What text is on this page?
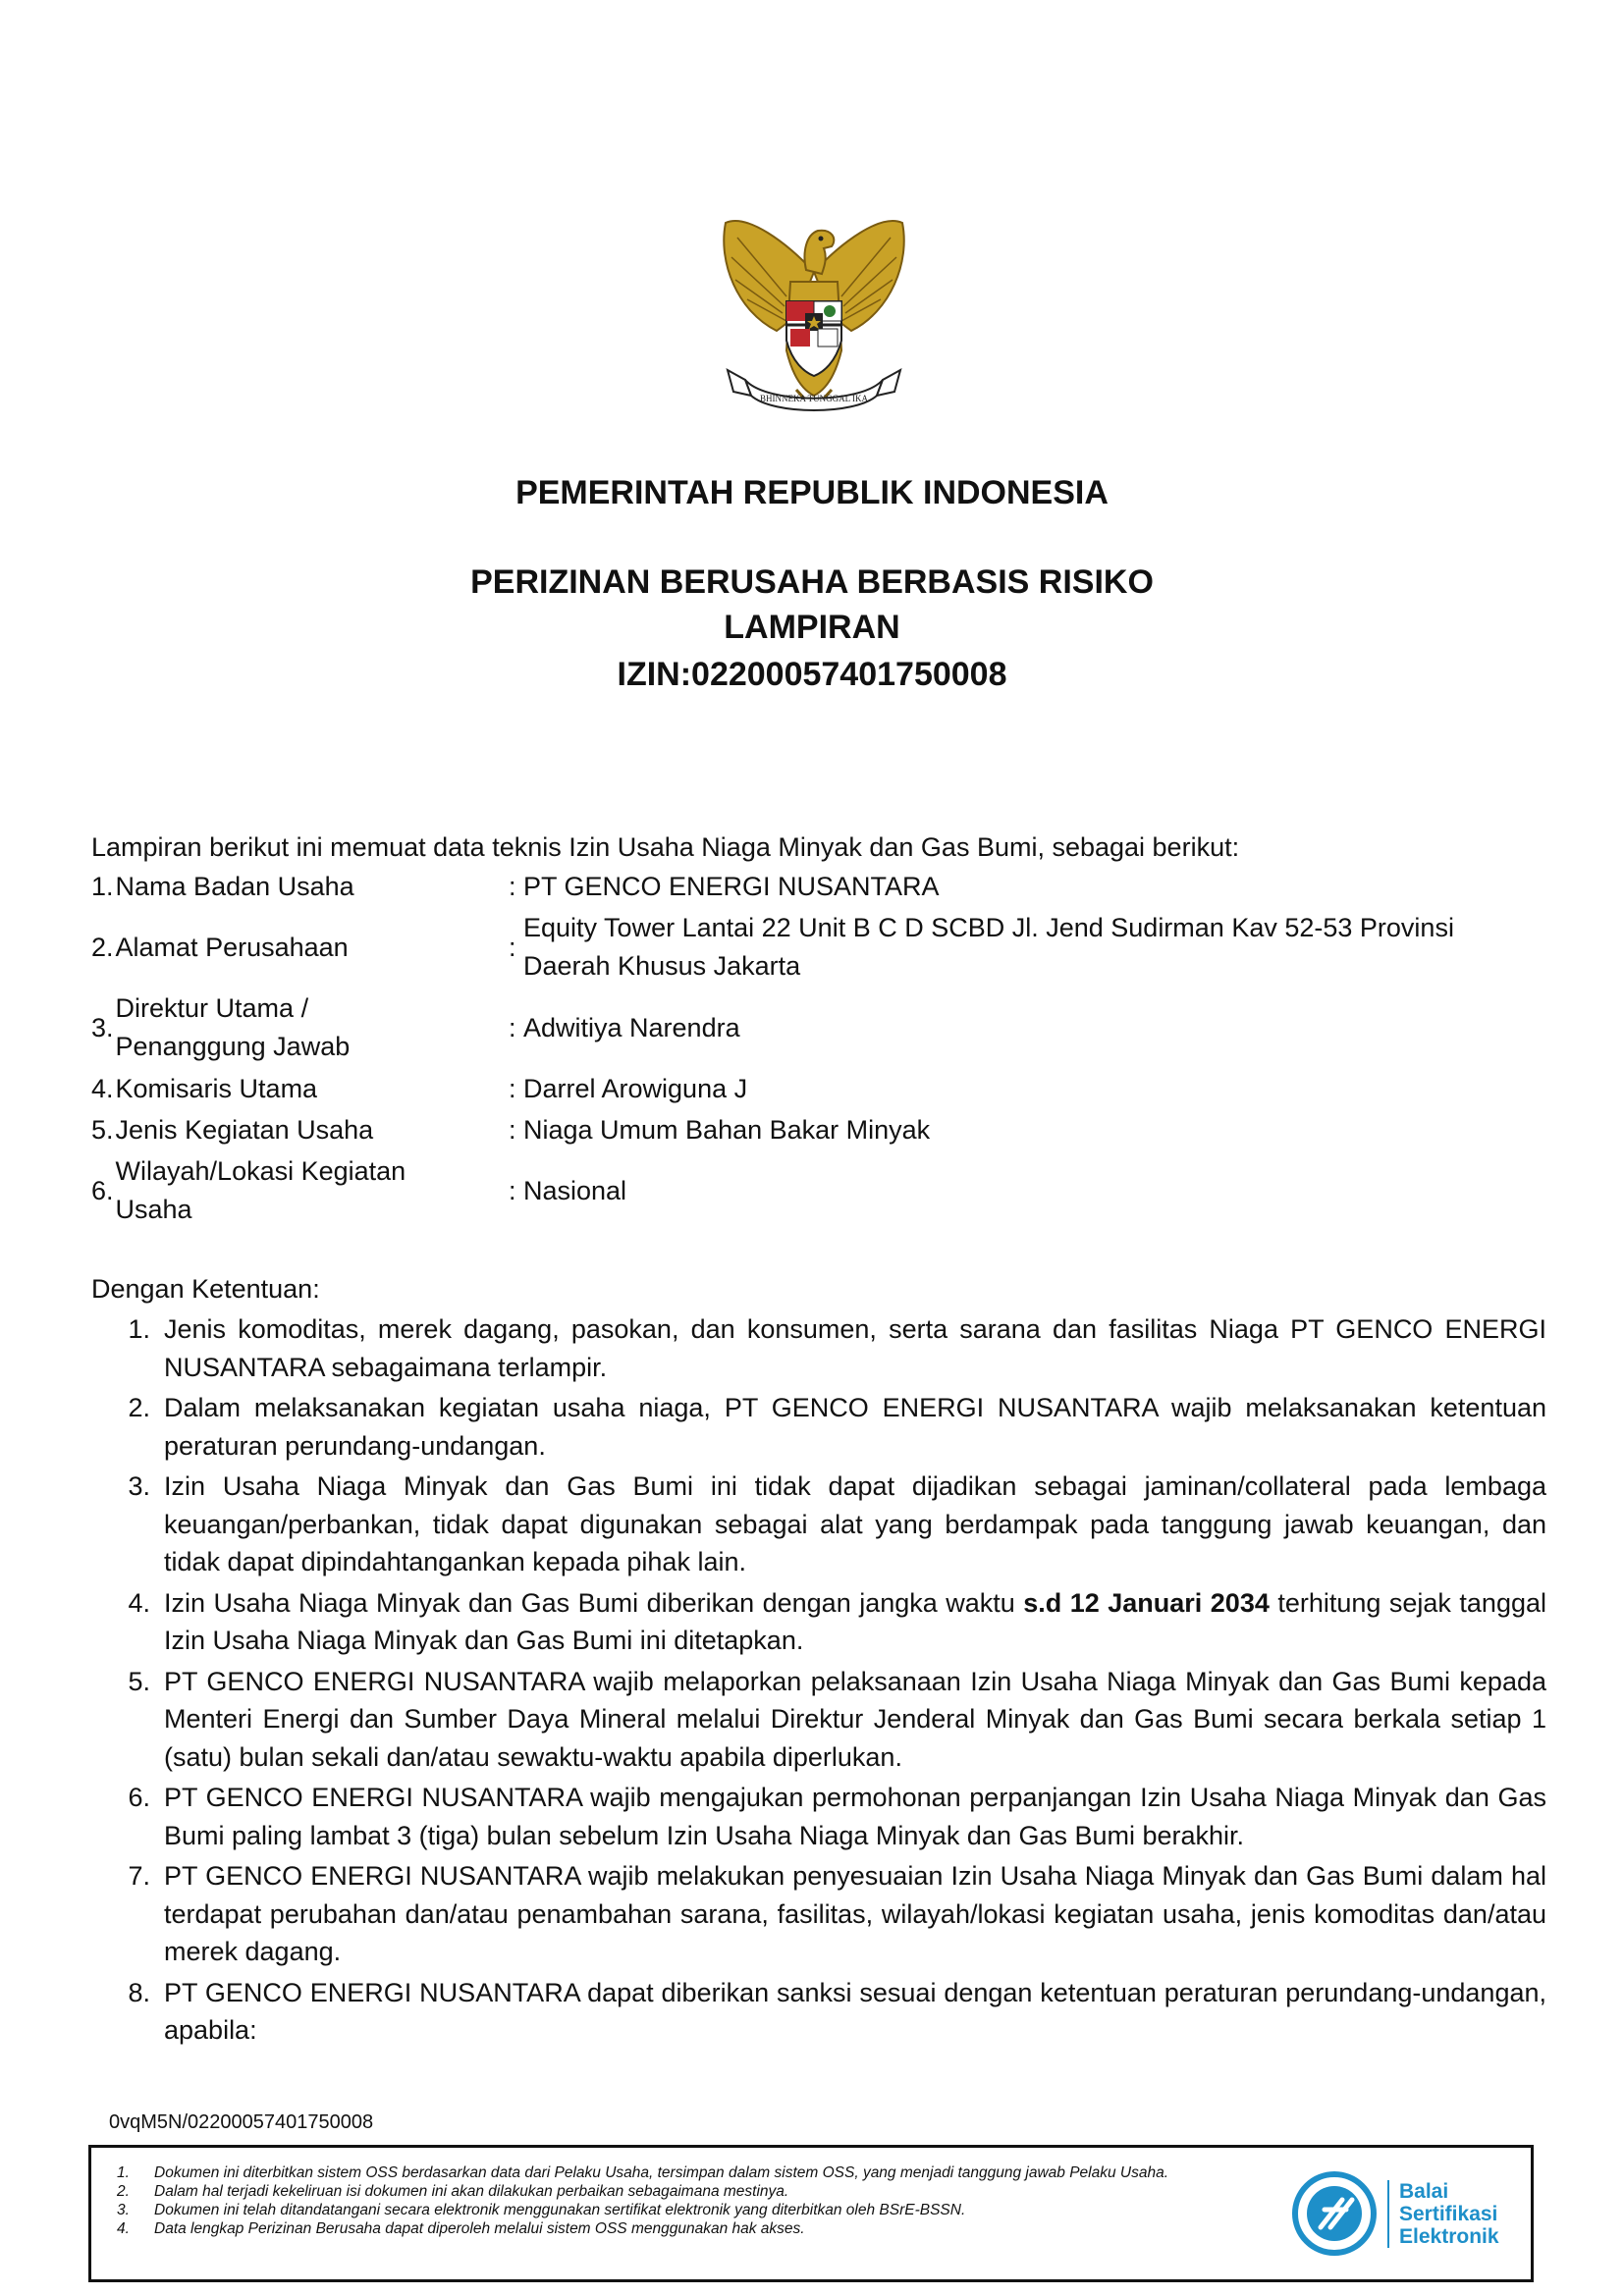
BHINNEKA TUNGGAL IKA
PEMERINTAH REPUBLIK INDONESIA
PERIZINAN BERUSAHA BERBASIS RISIKO
LAMPIRAN
IZIN:02200057401750008
Lampiran berikut ini memuat data teknis Izin Usaha Niaga Minyak dan Gas Bumi, sebagai berikut:
1.	Nama Badan Usaha	: PT GENCO ENERGI NUSANTARA

2.	Alamat Perusahaan	:
Equity Tower Lantai 22 Unit B C D SCBD Jl. Jend Sudirman Kav 52-53 Provinsi Daerah Khusus Jakarta

3.	Direktur Utama / Penanggung Jawab	: Adwitiya Narendra

4.	Komisaris Utama	: Darrel Arowiguna J

5.	Jenis Kegiatan Usaha	: Niaga Umum Bahan Bakar Minyak

6.	Wilayah/Lokasi Kegiatan Usaha	: Nasional
Dengan Ketentuan:
1. Jenis komoditas, merek dagang, pasokan, dan konsumen, serta sarana dan fasilitas Niaga PT GENCO ENERGI NUSANTARA sebagaimana terlampir.
2. Dalam melaksanakan kegiatan usaha niaga, PT GENCO ENERGI NUSANTARA wajib melaksanakan ketentuan peraturan perundang-undangan.
3. Izin Usaha Niaga Minyak dan Gas Bumi ini tidak dapat dijadikan sebagai jaminan/collateral pada lembaga keuangan/perbankan, tidak dapat digunakan sebagai alat yang berdampak pada tanggung jawab keuangan, dan tidak dapat dipindahtangankan kepada pihak lain.
4. Izin Usaha Niaga Minyak dan Gas Bumi diberikan dengan jangka waktu s.d 12 Januari 2034 terhitung sejak tanggal Izin Usaha Niaga Minyak dan Gas Bumi ini ditetapkan.
5. PT GENCO ENERGI NUSANTARA wajib melaporkan pelaksanaan Izin Usaha Niaga Minyak dan Gas Bumi kepada Menteri Energi dan Sumber Daya Mineral melalui Direktur Jenderal Minyak dan Gas Bumi secara berkala setiap 1 (satu) bulan sekali dan/atau sewaktu-waktu apabila diperlukan.
6. PT GENCO ENERGI NUSANTARA wajib mengajukan permohonan perpanjangan Izin Usaha Niaga Minyak dan Gas Bumi paling lambat 3 (tiga) bulan sebelum Izin Usaha Niaga Minyak dan Gas Bumi berakhir.
7. PT GENCO ENERGI NUSANTARA wajib melakukan penyesuaian Izin Usaha Niaga Minyak dan Gas Bumi dalam hal terdapat perubahan dan/atau penambahan sarana, fasilitas, wilayah/lokasi kegiatan usaha, jenis komoditas dan/atau merek dagang.
8. PT GENCO ENERGI NUSANTARA dapat diberikan sanksi sesuai dengan ketentuan peraturan perundang-undangan, apabila:
0vqM5N/02200057401750008
1.	Dokumen ini diterbitkan sistem OSS berdasarkan data dari Pelaku Usaha, tersimpan dalam sistem OSS, yang menjadi tanggung jawab Pelaku Usaha.
2.	Dalam hal terjadi kekeliruan isi dokumen ini akan dilakukan perbaikan sebagaimana mestinya.
3.	Dokumen ini telah ditandatangani secara elektronik menggunakan sertifikat elektronik yang diterbitkan oleh BSrE-BSSN.
4.	Data lengkap Perizinan Berusaha dapat diperoleh melalui sistem OSS menggunakan hak akses.
Balai
Sertifikasi
Elektronik
